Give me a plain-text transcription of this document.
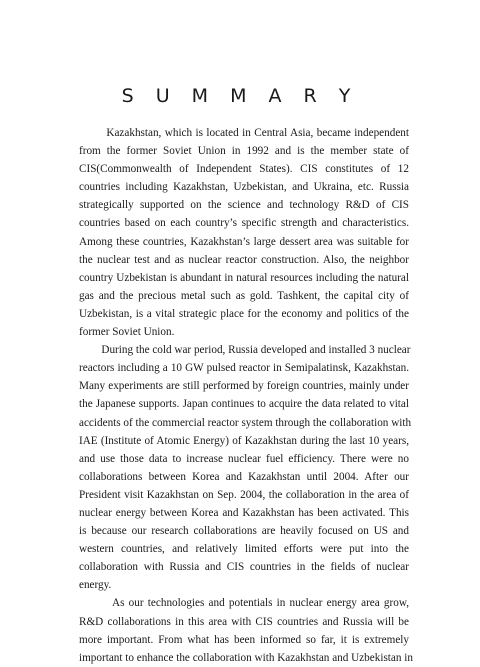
S U M M A R Y

Kazakhstan, which is located in Central Asia, became independent
from the former Soviet Union in 1992 and is the member state of
CIS(Commonwealth of Independent States). CIS constitutes of 12
countries including Kazakhstan, Uzbekistan, and Ukraina, etc. Russia
strategically supported on the science and technology R&D of CIS
countries based on each country’s specific strength and characteristics.
Among these countries, Kazakhstan’s large dessert area was suitable for
the nuclear test and as nuclear reactor construction. Also, the neighbor
country Uzbekistan is abundant in natural resources including the natural
gas and the precious metal such as gold. Tashkent, the capital city of
Uzbekistan, is a vital strategic place for the economy and politics of the
former Soviet Union.

During the cold war period, Russia developed and installed 3 nuclear
reactors including a 10 GW pulsed reactor in Semipalatinsk, Kazakhstan.
Many experiments are still performed by foreign countries, mainly under
the Japanese supports. Japan continues to acquire the data related to vital
accidents of the commercial reactor system through the collaboration with
IAE (Institute of Atomic Energy) of Kazakhstan during the last 10 years,
and use those data to increase nuclear fuel efficiency. There were no
collaborations between Korea and Kazakhstan until 2004. After our
President visit Kazakhstan on Sep. 2004, the collaboration in the area of
nuclear energy between Korea and Kazakhstan has been activated. This
is because our research collaborations are heavily focused on US and
western countries, and relatively limited efforts were put into the
collaboration with Russia and CIS countries in the fields of nuclear
energy.

As our technologies and potentials in nuclear energy area grow,
R&D collaborations in this area with CIS countries and Russia will be
more important. From what has been informed so far, it is extremely
important to enhance the collaboration with Kazakhstan and Uzbekistan in
